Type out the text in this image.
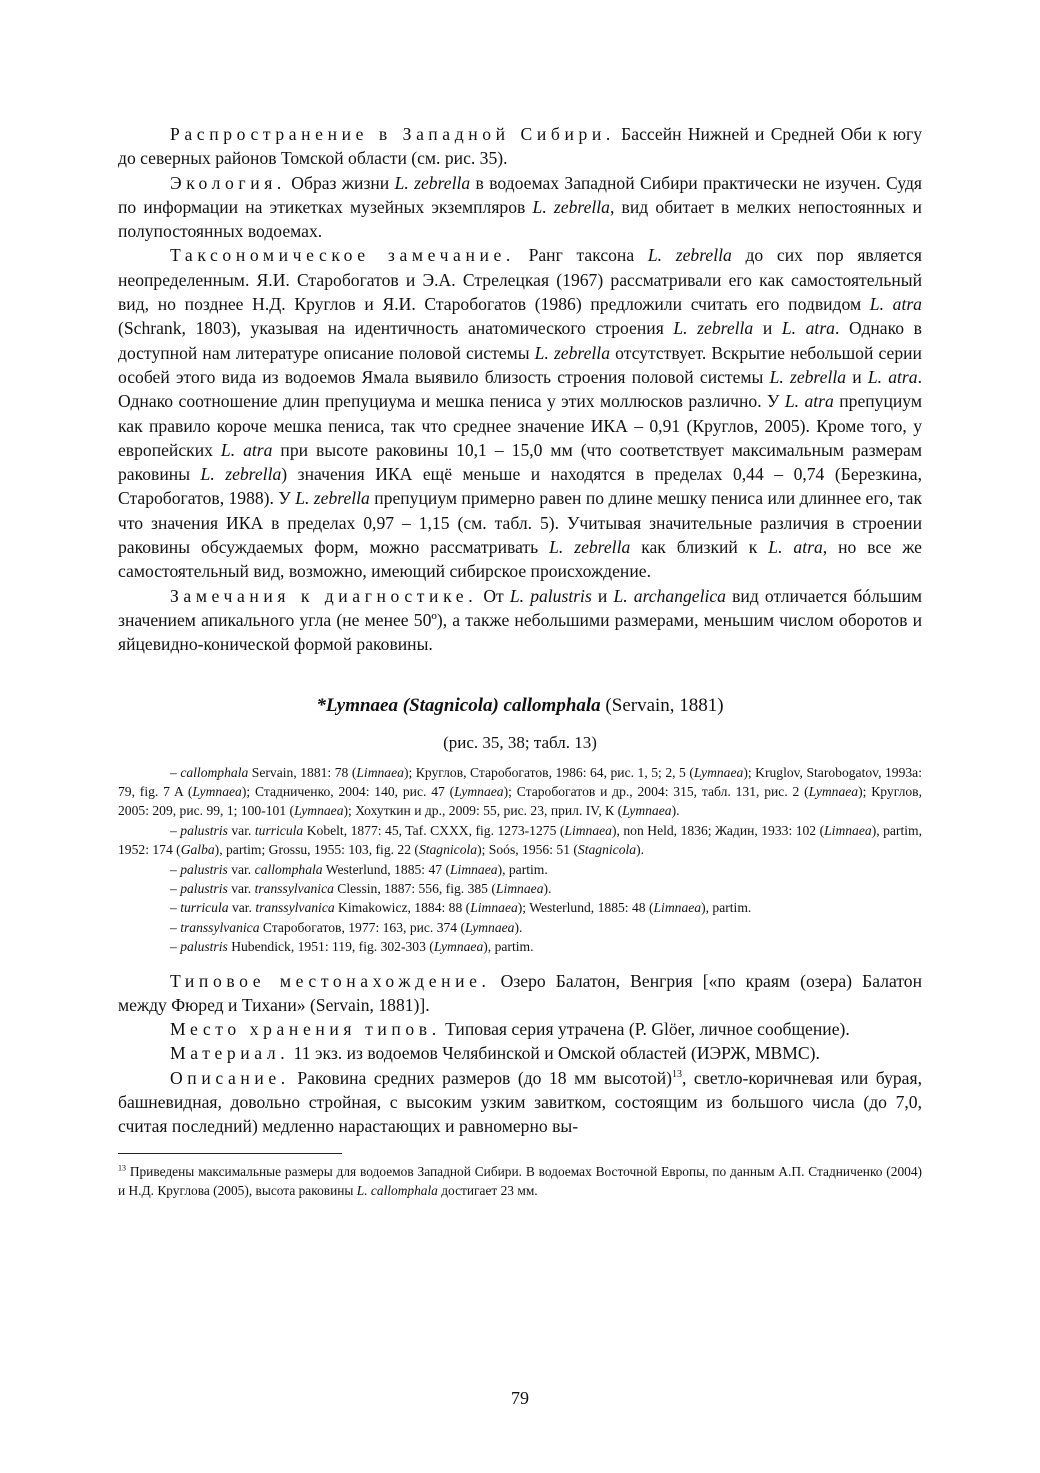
Распространение в Западной Сибири. Бассейн Нижней и Средней Оби к югу до северных районов Томской области (см. рис. 35).

Экология. Образ жизни L. zebrella в водоемах Западной Сибири практически не изучен. Судя по информации на этикетках музейных экземпляров L. zebrella, вид обитает в мелких непостоянных и полупостоянных водоемах.

Таксономическое замечание. Ранг таксона L. zebrella до сих пор является неопределенным. Я.И. Старобогатов и Э.А. Стрелецкая (1967) рассматривали его как самостоятельный вид, но позднее Н.Д. Круглов и Я.И. Старобогатов (1986) предложили считать его подвидом L. atra (Schrank, 1803), указывая на идентичность анатомического строения L. zebrella и L. atra. Однако в доступной нам литературе описание половой системы L. zebrella отсутствует. Вскрытие небольшой серии особей этого вида из водоемов Ямала выявило близость строения половой системы L. zebrella и L. atra. Однако соотношение длин препуциума и мешка пениса у этих моллюсков различно. У L. atra препуциум как правило короче мешка пениса, так что среднее значение ИКА – 0,91 (Круглов, 2005). Кроме того, у европейских L. atra при высоте раковины 10,1 – 15,0 мм (что соответствует максимальным размерам раковины L. zebrella) значения ИКА ещё меньше и находятся в пределах 0,44 – 0,74 (Березкина, Старобогатов, 1988). У L. zebrella препуциум примерно равен по длине мешку пениса или длиннее его, так что значения ИКА в пределах 0,97 – 1,15 (см. табл. 5). Учитывая значительные различия в строении раковины обсуждаемых форм, можно рассматривать L. zebrella как близкий к L. atra, но все же самостоятельный вид, возможно, имеющий сибирское происхождение.

Замечания к диагностике. От L. palustris и L. archangelica вид отличается бóльшим значением апикального угла (не менее 50º), а также небольшими размерами, меньшим числом оборотов и яйцевидно-конической формой раковины.

*Lymnaea (Stagnicola) callomphala (Servain, 1881)
(рис. 35, 38; табл. 13)

– callomphala Servain, 1881: 78 (Limnaea); Круглов, Старобогатов, 1986: 64, рис. 1, 5; 2, 5 (Lymnaea); Kruglov, Starobogatov, 1993a: 79, fig. 7 A (Lymnaea); Стадниченко, 2004: 140, рис. 47 (Lymnaea); Старобогатов и др., 2004: 315, табл. 131, рис. 2 (Lymnaea); Круглов, 2005: 209, рис. 99, 1; 100-101 (Lymnaea); Хохуткин и др., 2009: 55, рис. 23, прил. IV, К (Lymnaea).

– palustris var. turricula Kobelt, 1877: 45, Taf. CXXX, fig. 1273-1275 (Limnaea), non Held, 1836; Жадин, 1933: 102 (Limnaea), partim, 1952: 174 (Galba), partim; Grossu, 1955: 103, fig. 22 (Stagnicola); Soós, 1956: 51 (Stagnicola).

– palustris var. callomphala Westerlund, 1885: 47 (Limnaea), partim.

– palustris var. transsylvanica Clessin, 1887: 556, fig. 385 (Limnaea).

– turricula var. transsylvanica Kimakowicz, 1884: 88 (Limnaea); Westerlund, 1885: 48 (Limnaea), partim.

– transsylvanica Старобогатов, 1977: 163, рис. 374 (Lymnaea).

– palustris Hubendick, 1951: 119, fig. 302-303 (Lymnaea), partim.

Типовое местонахождение. Озеро Балатон, Венгрия [«по краям (озера) Балатон между Фюред и Тихани» (Servain, 1881)].

Место хранения типов. Типовая серия утрачена (P. Glöer, личное сообщение).

Материал. 11 экз. из водоемов Челябинской и Омской областей (ИЭРЖ, МВМС).

Описание. Раковина средних размеров (до 18 мм высотой)$^{13}$, светло-коричневая или бурая, башневидная, довольно стройная, с высоким узким завитком, состоящим из большого числа (до 7,0, считая последний) медленно нарастающих и равномерно вы-

$^{13}$ Приведены максимальные размеры для водоемов Западной Сибири. В водоемах Восточной Европы, по данным А.П. Стадниченко (2004) и Н.Д. Круглова (2005), высота раковины L. callomphala достигает 23 мм.

79
